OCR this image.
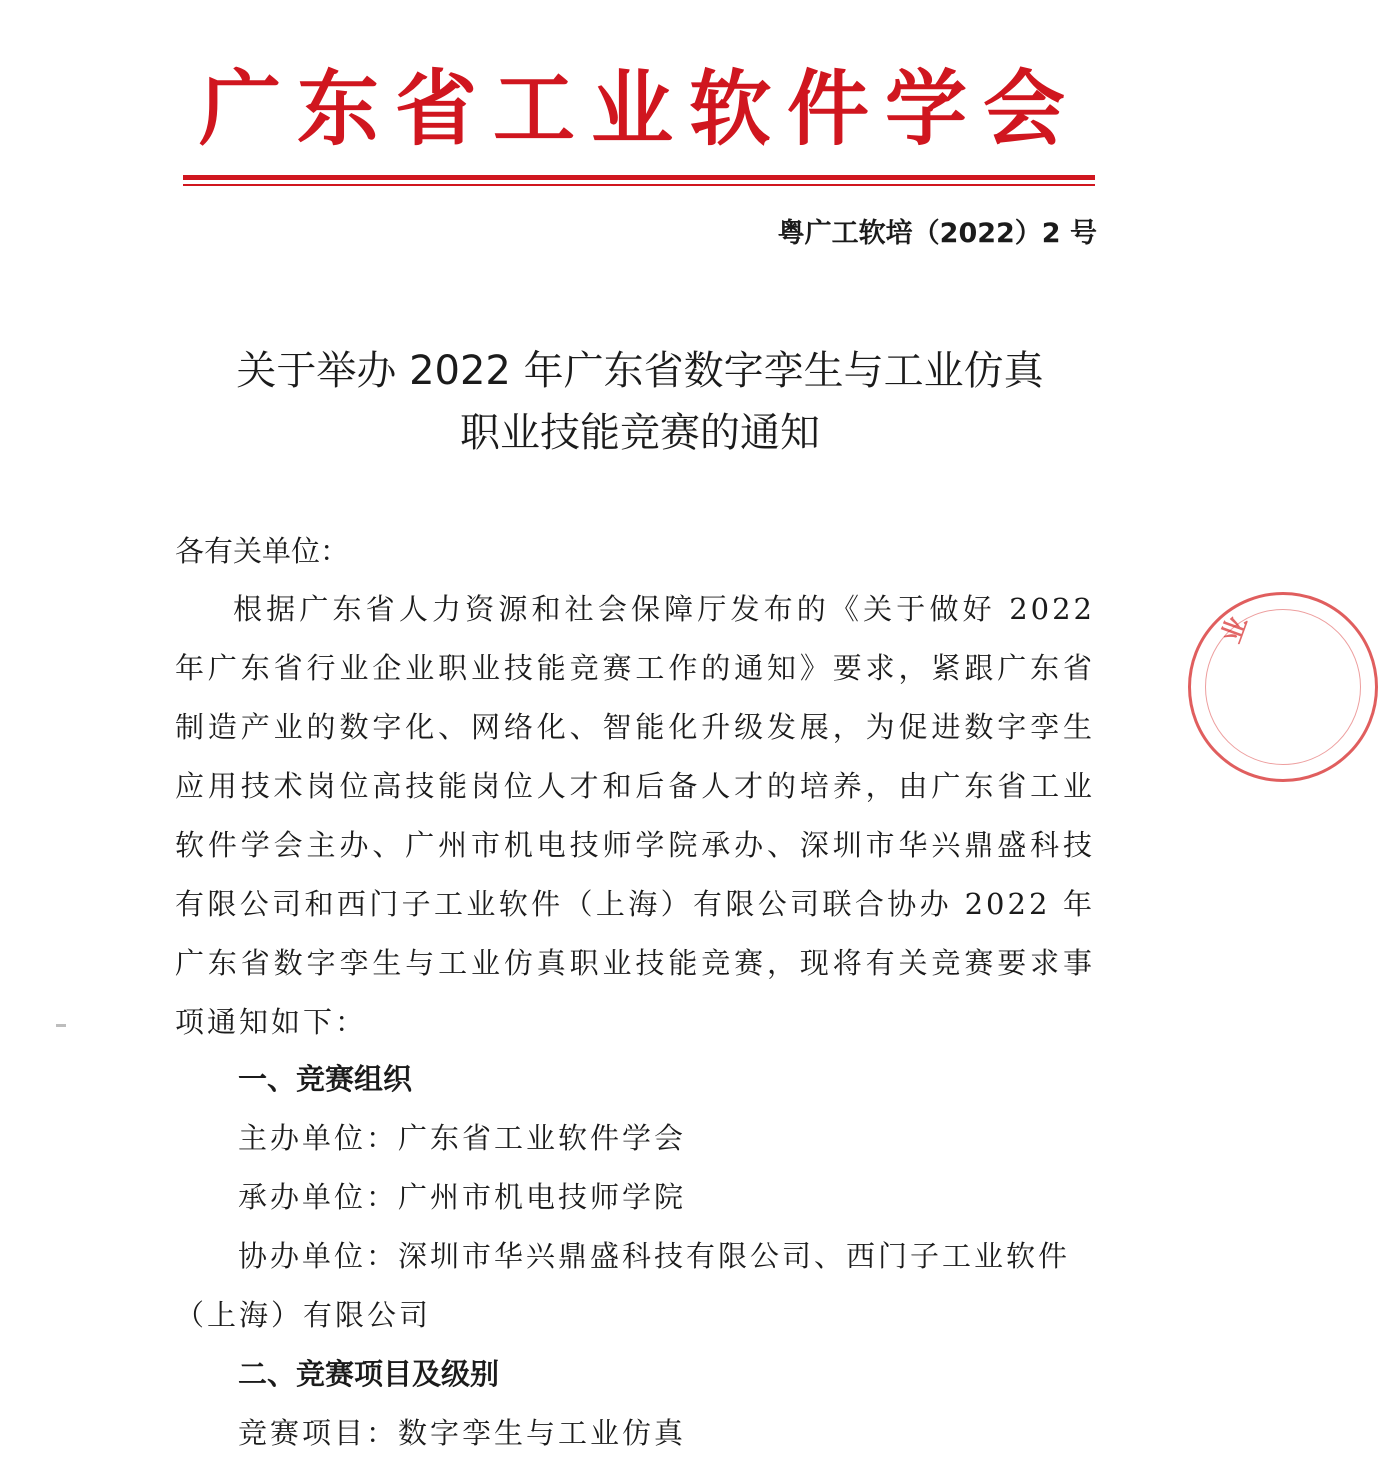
广东省工业软件学会
粤广工软培（2022）2 号
关于举办 2022 年广东省数字孪生与工业仿真
职业技能竞赛的通知
各有关单位：
根据广东省人力资源和社会保障厅发布的《关于做好 2022 年广东省行业企业职业技能竞赛工作的通知》要求，紧跟广东省制造产业的数字化、网络化、智能化升级发展，为促进数字孪生应用技术岗位高技能岗位人才和后备人才的培养，由广东省工业软件学会主办、广州市机电技师学院承办、深圳市华兴鼎盛科技有限公司和西门子工业软件（上海）有限公司联合协办 2022 年广东省数字孪生与工业仿真职业技能竞赛，现将有关竞赛要求事项通知如下：
一、竞赛组织
主办单位：广东省工业软件学会
承办单位：广州市机电技师学院
协办单位：深圳市华兴鼎盛科技有限公司、西门子工业软件
（上海）有限公司
二、竞赛项目及级别
竞赛项目：数字孪生与工业仿真
业
